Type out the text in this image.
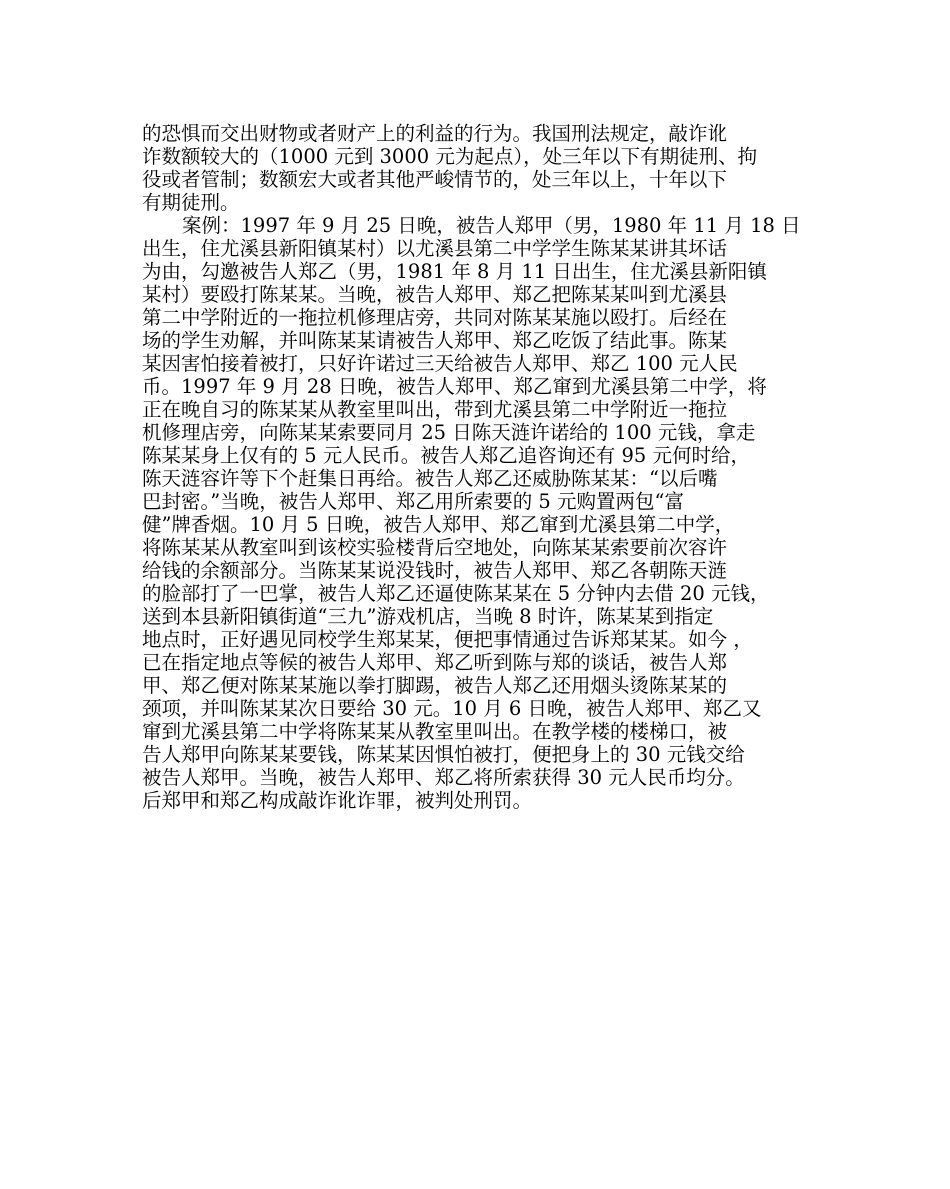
的恐惧而交出财物或者财产上的利益的行为。我国刑法规定，敲诈讹
诈数额较大的（1000 元到 3000 元为起点），处三年以下有期徒刑、拘
役或者管制；数额宏大或者其他严峻情节的，处三年以上，十年以下
有期徒刑。
案例：1997 年 9 月 25 日晚，被告人郑甲（男，1980 年 11 月 18 日
出生，住尤溪县新阳镇某村）以尤溪县第二中学学生陈某某讲其坏话
为由，勾邀被告人郑乙（男，1981 年 8 月 11 日出生，住尤溪县新阳镇
某村）要殴打陈某某。当晚，被告人郑甲、郑乙把陈某某叫到尤溪县
第二中学附近的一拖拉机修理店旁，共同对陈某某施以殴打。后经在
场的学生劝解，并叫陈某某请被告人郑甲、郑乙吃饭了结此事。陈某
某因害怕接着被打，只好许诺过三天给被告人郑甲、郑乙 100 元人民
币。1997 年 9 月 28 日晚，被告人郑甲、郑乙窜到尤溪县第二中学，将
正在晚自习的陈某某从教室里叫出，带到尤溪县第二中学附近一拖拉
机修理店旁，向陈某某索要同月 25 日陈天涟许诺给的 100 元钱，拿走
陈某某身上仅有的 5 元人民币。被告人郑乙追咨询还有 95 元何时给，
陈天涟容许等下个赶集日再给。被告人郑乙还威胁陈某某：“以后嘴
巴封密。”当晚，被告人郑甲、郑乙用所索要的 5 元购置两包“富
健”牌香烟。10 月 5 日晚，被告人郑甲、郑乙窜到尤溪县第二中学，
将陈某某从教室叫到该校实验楼背后空地处，向陈某某索要前次容许
给钱的余额部分。当陈某某说没钱时，被告人郑甲、郑乙各朝陈天涟
的脸部打了一巴掌，被告人郑乙还逼使陈某某在 5 分钟内去借 20 元钱，
送到本县新阳镇街道“三九”游戏机店，当晚 8 时许，陈某某到指定
地点时，正好遇见同校学生郑某某，便把事情通过告诉郑某某。如今 ，
已在指定地点等候的被告人郑甲、郑乙听到陈与郑的谈话，被告人郑
甲、郑乙便对陈某某施以拳打脚踢，被告人郑乙还用烟头烫陈某某的
颈项，并叫陈某某次日要给 30 元。10 月 6 日晚，被告人郑甲、郑乙又
窜到尤溪县第二中学将陈某某从教室里叫出。在教学楼的楼梯口，被
告人郑甲向陈某某要钱，陈某某因惧怕被打，便把身上的 30 元钱交给
被告人郑甲。当晚，被告人郑甲、郑乙将所索获得 30 元人民币均分。
后郑甲和郑乙构成敲诈讹诈罪，被判处刑罚。
